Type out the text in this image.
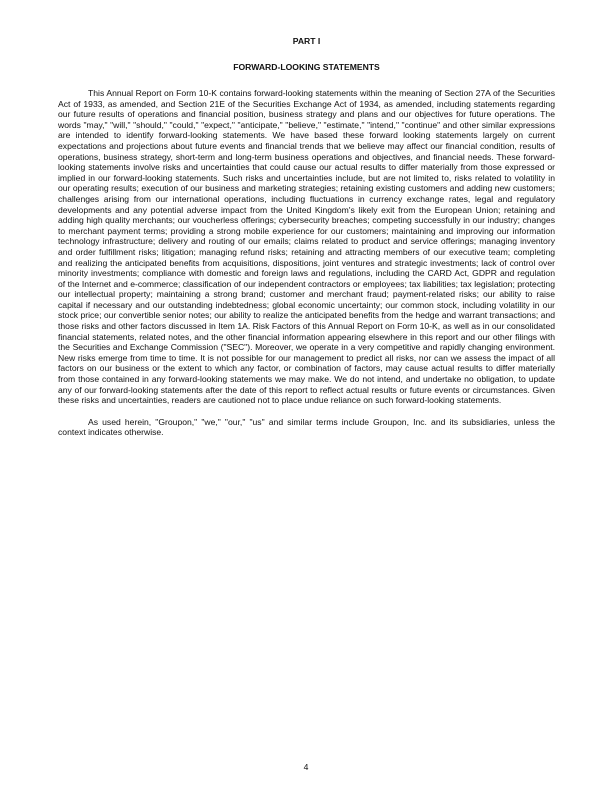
PART I
FORWARD-LOOKING STATEMENTS

This Annual Report on Form 10-K contains forward-looking statements within the meaning of Section 27A of the Securities Act of 1933, as amended, and Section 21E of the Securities Exchange Act of 1934, as amended, including statements regarding our future results of operations and financial position, business strategy and plans and our objectives for future operations. The words "may," "will," "should," "could," "expect," "anticipate," "believe," "estimate," "intend," "continue" and other similar expressions are intended to identify forward-looking statements. We have based these forward looking statements largely on current expectations and projections about future events and financial trends that we believe may affect our financial condition, results of operations, business strategy, short-term and long-term business operations and objectives, and financial needs. These forward-looking statements involve risks and uncertainties that could cause our actual results to differ materially from those expressed or implied in our forward-looking statements. Such risks and uncertainties include, but are not limited to, risks related to volatility in our operating results; execution of our business and marketing strategies; retaining existing customers and adding new customers; challenges arising from our international operations, including fluctuations in currency exchange rates, legal and regulatory developments and any potential adverse impact from the United Kingdom's likely exit from the European Union; retaining and adding high quality merchants; our voucherless offerings; cybersecurity breaches; competing successfully in our industry; changes to merchant payment terms; providing a strong mobile experience for our customers; maintaining and improving our information technology infrastructure; delivery and routing of our emails; claims related to product and service offerings; managing inventory and order fulfillment risks; litigation; managing refund risks; retaining and attracting members of our executive team; completing and realizing the anticipated benefits from acquisitions, dispositions, joint ventures and strategic investments; lack of control over minority investments; compliance with domestic and foreign laws and regulations, including the CARD Act, GDPR and regulation of the Internet and e-commerce; classification of our independent contractors or employees; tax liabilities; tax legislation; protecting our intellectual property; maintaining a strong brand; customer and merchant fraud; payment-related risks; our ability to raise capital if necessary and our outstanding indebtedness; global economic uncertainty; our common stock, including volatility in our stock price; our convertible senior notes; our ability to realize the anticipated benefits from the hedge and warrant transactions; and those risks and other factors discussed in Item 1A. Risk Factors of this Annual Report on Form 10-K, as well as in our consolidated financial statements, related notes, and the other financial information appearing elsewhere in this report and our other filings with the Securities and Exchange Commission ("SEC"). Moreover, we operate in a very competitive and rapidly changing environment. New risks emerge from time to time. It is not possible for our management to predict all risks, nor can we assess the impact of all factors on our business or the extent to which any factor, or combination of factors, may cause actual results to differ materially from those contained in any forward-looking statements we may make. We do not intend, and undertake no obligation, to update any of our forward-looking statements after the date of this report to reflect actual results or future events or circumstances. Given these risks and uncertainties, readers are cautioned not to place undue reliance on such forward-looking statements.

As used herein, "Groupon," "we," "our," "us" and similar terms include Groupon, Inc. and its subsidiaries, unless the context indicates otherwise.

4
